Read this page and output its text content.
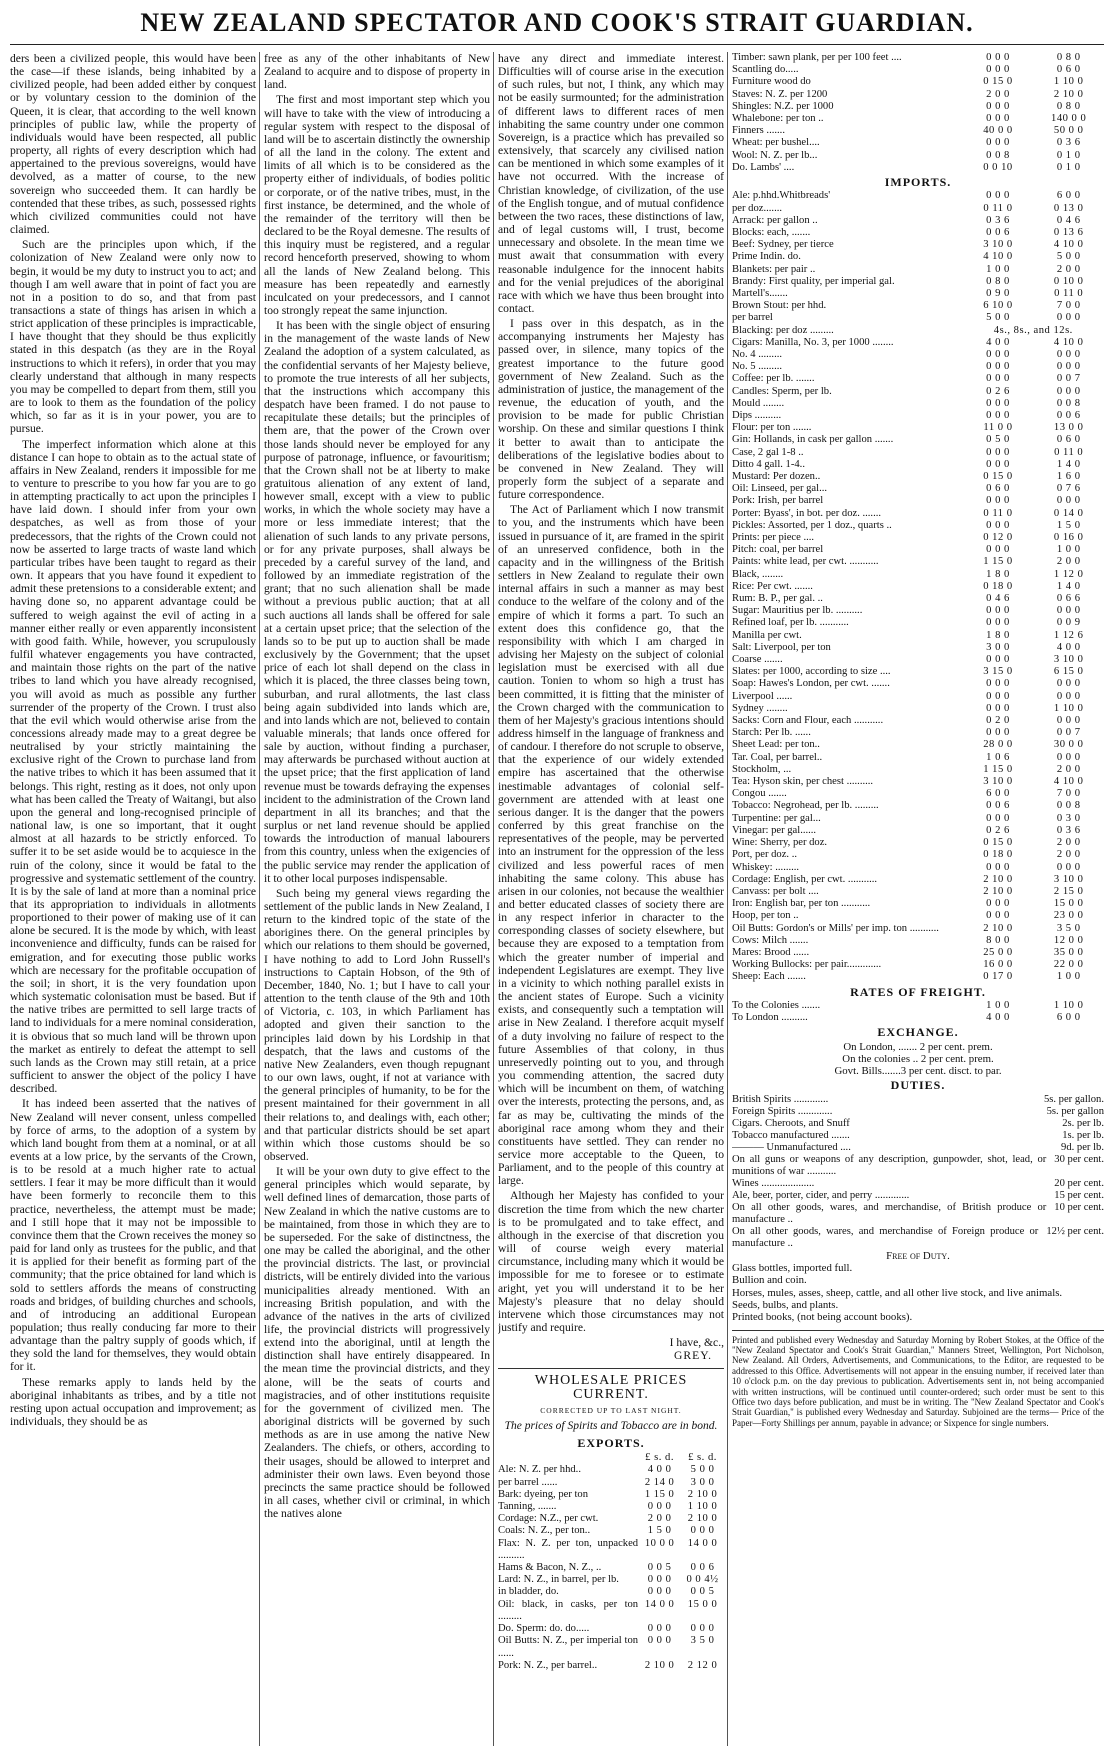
NEW ZEALAND SPECTATOR AND COOK'S STRAIT GUARDIAN.

ders been a civilized people, this would have been the case—if these islands, being inhabited by a civilized people, had been added either by conquest or by voluntary cession to the dominion of the Queen, it is clear, that according to the well known principles of public law, while the property of individuals would have been respected, all public property, all rights of every description which had appertained to the previous sovereigns, would have devolved, as a matter of course, to the new sovereign who succeeded them. It can hardly be contended that these tribes, as such, possessed rights which civilized communities could not have claimed.

Such are the principles upon which, if the colonization of New Zealand were only now to begin, it would be my duty to instruct you to act; and though I am well aware that in point of fact you are not in a position to do so, and that from past transactions a state of things has arisen in which a strict application of these principles is impracticable, I have thought that they should be thus explicitly stated in this despatch (as they are in the Royal instructions to which it refers), in order that you may clearly understand that although in many respects you may be compelled to depart from them, still you are to look to them as the foundation of the policy which, so far as it is in your power, you are to pursue.

The imperfect information which alone at this distance I can hope to obtain as to the actual state of affairs in New Zealand, renders it impossible for me to venture to prescribe to you how far you are to go in attempting practically to act upon the principles I have laid down. I should infer from your own despatches, as well as from those of your predecessors, that the rights of the Crown could not now be asserted to large tracts of waste land which particular tribes have been taught to regard as their own. It appears that you have found it expedient to admit these pretensions to a considerable extent; and having done so, no apparent advantage could be suffered to weigh against the evil of acting in a manner either really or even apparently inconsistent with good faith. While, however, you scrupulously fulfil whatever engagements you have contracted, and maintain those rights on the part of the native tribes to land which you have already recognised, you will avoid as much as possible any further surrender of the property of the Crown. I trust also that the evil which would otherwise arise from the concessions already made may to a great degree be neutralised by your strictly maintaining the exclusive right of the Crown to purchase land from the native tribes to which it has been assumed that it belongs. This right, resting as it does, not only upon what has been called the Treaty of Waitangi, but also upon the general and long-recognised principle of national law, is one so important, that it ought almost at all hazards to be strictly enforced. To suffer it to be set aside would be to acquiesce in the ruin of the colony, since it would be fatal to the progressive and systematic settlement of the country. It is by the sale of land at more than a nominal price that its appropriation to individuals in allotments proportioned to their power of making use of it can alone be secured. It is the mode by which, with least inconvenience and difficulty, funds can be raised for emigration, and for executing those public works which are necessary for the profitable occupation of the soil; in short, it is the very foundation upon which systematic colonisation must be based. But if the native tribes are permitted to sell large tracts of land to individuals for a mere nominal consideration, it is obvious that so much land will be thrown upon the market as entirely to defeat the attempt to sell such lands as the Crown may still retain, at a price sufficient to answer the object of the policy I have described.

It has indeed been asserted that the natives of New Zealand will never consent, unless compelled by force of arms, to the adoption of a system by which land bought from them at a nominal, or at all events at a low price, by the servants of the Crown, is to be resold at a much higher rate to actual settlers. I fear it may be more difficult than it would have been formerly to reconcile them to this practice, nevertheless, the attempt must be made; and I still hope that it may not be impossible to convince them that the Crown receives the money so paid for land only as trustees for the public, and that it is applied for their benefit as forming part of the community; that the price obtained for land which is sold to settlers affords the means of constructing roads and bridges, of building churches and schools, and of introducing an additional European population; thus really conducing far more to their advantage than the paltry supply of goods which, if they sold the land for themselves, they would obtain for it.

These remarks apply to lands held by the aboriginal inhabitants as tribes, and by a title not resting upon actual occupation and improvement; as individuals, they should be as

free as any of the other inhabitants of New Zealand to acquire and to dispose of property in land.

The first and most important step which you will have to take with the view of introducing a regular system with respect to the disposal of land will be to ascertain distinctly the ownership of all the land in the colony. The extent and limits of all which is to be considered as the property either of individuals, of bodies politic or corporate, or of the native tribes, must, in the first instance, be determined, and the whole of the remainder of the territory will then be declared to be the Royal demesne. The results of this inquiry must be registered, and a regular record henceforth preserved, showing to whom all the lands of New Zealand belong. This measure has been repeatedly and earnestly inculcated on your predecessors, and I cannot too strongly repeat the same injunction.

It has been with the single object of ensuring in the management of the waste lands of New Zealand the adoption of a system calculated, as the confidential servants of her Majesty believe, to promote the true interests of all her subjects, that the instructions which accompany this despatch have been framed. I do not pause to recapitulate these details; but the principles of them are, that the power of the Crown over those lands should never be employed for any purpose of patronage, influence, or favouritism; that the Crown shall not be at liberty to make gratuitous alienation of any extent of land, however small, except with a view to public works, in which the whole society may have a more or less immediate interest; that the alienation of such lands to any private persons, or for any private purposes, shall always be preceded by a careful survey of the land, and followed by an immediate registration of the grant; that no such alienation shall be made without a previous public auction; that at all such auctions all lands shall be offered for sale at a certain upset price; that the selection of the lands so to be put up to auction shall be made exclusively by the Government; that the upset price of each lot shall depend on the class in which it is placed, the three classes being town, suburban, and rural allotments, the last class being again subdivided into lands which are, and into lands which are not, believed to contain valuable minerals; that lands once offered for sale by auction, without finding a purchaser, may afterwards be purchased without auction at the upset price; that the first application of land revenue must be towards defraying the expenses incident to the administration of the Crown land department in all its branches; and that the surplus or net land revenue should be applied towards the introduction of manual labourers from this country, unless when the exigencies of the public service may render the application of it to other local purposes indispensable.

Such being my general views regarding the settlement of the public lands in New Zealand, I return to the kindred topic of the state of the aborigines there. On the general principles by which our relations to them should be governed, I have nothing to add to Lord John Russell's instructions to Captain Hobson, of the 9th of December, 1840, No. 1; but I have to call your attention to the tenth clause of the 9th and 10th of Victoria, c. 103, in which Parliament has adopted and given their sanction to the principles laid down by his Lordship in that despatch, that the laws and customs of the native New Zealanders, even though repugnant to our own laws, ought, if not at variance with the general principles of humanity, to be for the present maintained for their government in all their relations to, and dealings with, each other; and that particular districts should be set apart within which those customs should be so observed.

It will be your own duty to give effect to the general principles which would separate, by well defined lines of demarcation, those parts of New Zealand in which the native customs are to be maintained, from those in which they are to be superseded. For the sake of distinctness, the one may be called the aboriginal, and the other the provincial districts. The last, or provincial districts, will be entirely divided into the various municipalities already mentioned. With an increasing British population, and with the advance of the natives in the arts of civilized life, the provincial districts will progressively extend into the aboriginal, until at length the distinction shall have entirely disappeared. In the mean time the provincial districts, and they alone, will be the seats of courts and magistracies, and of other institutions requisite for the government of civilized men. The aboriginal districts will be governed by such methods as are in use among the native New Zealanders. The chiefs, or others, according to their usages, should be allowed to interpret and administer their own laws. Even beyond those precincts the same practice should be followed in all cases, whether civil or criminal, in which the natives alone

have any direct and immediate interest. Difficulties will of course arise in the execution of such rules, but not, I think, any which may not be easily surmounted; for the administration of different laws to different races of men inhabiting the same country under one common Sovereign, is a practice which has prevailed so extensively, that scarcely any civilised nation can be mentioned in which some examples of it have not occurred. With the increase of Christian knowledge, of civilization, of the use of the English tongue, and of mutual confidence between the two races, these distinctions of law, and of legal customs will, I trust, become unnecessary and obsolete. In the mean time we must await that consummation with every reasonable indulgence for the innocent habits and for the venial prejudices of the aboriginal race with which we have thus been brought into contact.

I pass over in this despatch, as in the accompanying instruments her Majesty has passed over, in silence, many topics of the greatest importance to the future good government of New Zealand. Such as the administration of justice, the management of the revenue, the education of youth, and the provision to be made for public Christian worship. On these and similar questions I think it better to await than to anticipate the deliberations of the legislative bodies about to be convened in New Zealand. They will properly form the subject of a separate and future correspondence.

The Act of Parliament which I now transmit to you, and the instruments which have been issued in pursuance of it, are framed in the spirit of an unreserved confidence, both in the capacity and in the willingness of the British settlers in New Zealand to regulate their own internal affairs in such a manner as may best conduce to the welfare of the colony and of the empire of which it forms a part. To such an extent does this confidence go, that the responsibility with which I am charged in advising her Majesty on the subject of colonial legislation must be exercised with all due caution. Tonien to whom so high a trust has been committed, it is fitting that the minister of the Crown charged with the communication to them of her Majesty's gracious intentions should address himself in the language of frankness and of candour. I therefore do not scruple to observe, that the experience of our widely extended empire has ascertained that the otherwise inestimable advantages of colonial self-government are attended with at least one serious danger. It is the danger that the powers conferred by this great franchise on the representatives of the people, may be perverted into an instrument for the oppression of the less civilized and less powerful races of men inhabiting the same colony. This abuse has arisen in our colonies, not because the wealthier and better educated classes of society there are in any respect inferior in character to the corresponding classes of society elsewhere, but because they are exposed to a temptation from which the greater number of imperial and independent Legislatures are exempt. They live in a vicinity to which nothing parallel exists in the ancient states of Europe. Such a vicinity exists, and consequently such a temptation will arise in New Zealand. I therefore acquit myself of a duty involving no failure of respect to the future Assemblies of that colony, in thus unreservedly pointing out to you, and through you commending attention, the sacred duty which will be incumbent on them, of watching over the interests, protecting the persons, and, as far as may be, cultivating the minds of the aboriginal race among whom they and their constituents have settled. They can render no service more acceptable to the Queen, to Parliament, and to the people of this country at large.

Although her Majesty has confided to your discretion the time from which the new charter is to be promulgated and to take effect, and although in the exercise of that discretion you will of course weigh every material circumstance, including many which it would be impossible for me to foresee or to estimate aright, yet you will understand it to be her Majesty's pleasure that no delay should intervene which those circumstances may not justify and require.

I have, &c.,
GREY.
WHOLESALE PRICES CURRENT.
CORRECTED UP TO LAST NIGHT.
The prices of Spirits and Tobacco are in bond.
EXPORTS.
	£ s. d.	£ s. d.
Ale: N. Z. per hhd..	4 0 0	5 0 0
per barrel ......	2 14 0	3 0 0
Bark: dyeing, per ton	1 15 0	2 10 0
Tanning, .......	0 0 0	1 10 0
Cordage: N.Z., per cwt.	2 0 0	2 10 0
Coals: N. Z., per ton..	1 5 0	0 0 0
Flax: N. Z. per ton, unpacked ..........	10 0 0	14 0 0
Hams & Bacon, N. Z., ..	0 0 5	0 0 6
Lard: N. Z., in barrel, per lb.	0 0 0	0 0 4½
in bladder, do.	0 0 0	0 0 5
Oil: black, in casks, per ton .........	14 0 0	15 0 0
Do. Sperm: do. do.....	0 0 0	0 0 0
Oil Butts: N. Z., per imperial ton ......	0 0 0	3 5 0
Pork: N. Z., per barrel..	2 10 0	2 12 0
Timber: sawn plank, per per 100 feet ....	0 0 0	0 8 0
Scantling do.....	0 0 0	0 6 0
Furniture wood do	0 15 0	1 10 0
Staves: N. Z. per 1200	2 0 0	2 10 0
Shingles: N.Z. per 1000	0 0 0	0 8 0
Whalebone: per ton ..	0 0 0	140 0 0
Finners .......	40 0 0	50 0 0
Wheat: per bushel....	0 0 0	0 3 6
Wool: N. Z. per lb...	0 0 8	0 1 0
Do. Lambs' ....	0 0 10	0 1 0
IMPORTS.
Ale: p.hhd.Whitbreads'	0 0 0	6 0 0
per doz.......	0 11 0	0 13 0
Arrack: per gallon ..	0 3 6	0 4 6
Blocks: each, .......	0 0 6	0 13 6
Beef: Sydney, per tierce	3 10 0	4 10 0
Prime Indin. do.	4 10 0	5 0 0
Blankets: per pair ..	1 0 0	2 0 0
Brandy: First quality, per imperial gal.	0 8 0	0 10 0
Martell's.......	0 9 0	0 11 0
Brown Stout: per hhd.	6 10 0	7 0 0
per barrel	5 0 0	0 0 0
Blacking: per doz .........	4s., 8s., and 12s.	
Cigars: Manilla, No. 3, per 1000 ........	4 0 0	4 10 0
No. 4 .........	0 0 0	0 0 0
No. 5 .........	0 0 0	0 0 0
Coffee: per lb. .......	0 0 0	0 0 7
Candles: Sperm, per lb.	0 2 6	0 0 0
Mould ........	0 0 0	0 0 8
Dips ..........	0 0 0	0 0 6
Flour: per ton .......	11 0 0	13 0 0
Gin: Hollands, in cask per gallon .......	0 5 0	0 6 0
Case, 2 gal 1-8 ..	0 0 0	0 11 0
Ditto 4 gall. 1-4..	0 0 0	1 4 0
Mustard: Per dozen..	0 15 0	1 6 0
Oil: Linseed, per gal...	0 6 0	0 7 6
Pork: Irish, per barrel	0 0 0	0 0 0
Porter: Byass', in bot. per doz. .......	0 11 0	0 14 0
Pickles: Assorted, per 1 doz., quarts ..	0 0 0	1 5 0
Prints: per piece ....	0 12 0	0 16 0
Pitch: coal, per barrel	0 0 0	1 0 0
Paints: white lead, per cwt. ...........	1 15 0	2 0 0
Black, ........	1 8 0	1 12 0
Rice: Per cwt. .......	0 18 0	1 4 0
Rum: B. P., per gal. ..	0 4 6	0 6 6
Sugar: Mauritius per lb. ..........	0 0 0	0 0 0
Refined loaf, per lb. ...........	0 0 0	0 0 9
Manilla per cwt.	1 8 0	1 12 6
Salt: Liverpool, per ton	3 0 0	4 0 0
Coarse .......	0 0 0	3 10 0
Slates: per 1000, according to size ....	3 15 0	6 15 0
Soap: Hawes's London, per cwt. .......	0 0 0	0 0 0
Liverpool ......	0 0 0	0 0 0
Sydney ........	0 0 0	1 10 0
Sacks: Corn and Flour, each ...........	0 2 0	0 0 0
Starch: Per lb. ......	0 0 0	0 0 7
Sheet Lead: per ton..	28 0 0	30 0 0
Tar. Coal, per barrel..	1 0 6	0 0 0
Stockholm, ...	1 15 0	2 0 0
Tea: Hyson skin, per chest ..........	3 10 0	4 10 0
Congou .......	6 0 0	7 0 0
Tobacco: Negrohead, per lb. .........	0 0 6	0 0 8
Turpentine: per gal...	0 0 0	0 3 0
Vinegar: per gal......	0 2 6	0 3 6
Wine: Sherry, per doz.	0 15 0	2 0 0
Port, per doz. ..	0 18 0	2 0 0
Whiskey: .........	0 0 0	0 0 0
Cordage: English, per cwt. ...........	2 10 0	3 10 0
Canvass: per bolt ....	2 10 0	2 15 0
Iron: English bar, per ton ...........	0 0 0	15 0 0
Hoop, per ton ..	0 0 0	23 0 0
Oil Butts: Gordon's or Mills' per imp. ton ...........	2 10 0	3 5 0
Cows: Milch .......	8 0 0	12 0 0
Mares: Brood ......	25 0 0	35 0 0
Working Bullocks: per pair.............	16 0 0	22 0 0
Sheep: Each .......	0 17 0	1 0 0
RATES OF FREIGHT.
To the Colonies .......	1 0 0	1 10 0
To London ..........	4 0 0	6 0 0
EXCHANGE.
On London, ....... 2 per cent. prem.
On the colonies .. 2 per cent. prem.
Govt. Bills.......3 per cent. disct. to par.
DUTIES.
British Spirits .............	5s. per gallon.
Foreign Spirits .............	5s. per gallon
Cigars. Cheroots, and Snuff	2s. per lb.
Tobacco manufactured .......	1s. per lb.
——— Unmanufactured ....	9d. per lb.
On all guns or weapons of any description, gunpowder, shot, lead, or munitions of war ...........
30 per cent.
Wines ....................	20 per cent.
Ale, beer, porter, cider, and perry .............	15 per cent.
On all other goods, wares, and merchandise, of British produce or manufacture ..
10 per cent.
On all other goods, wares, and merchandise of Foreign produce or manufacture ..
12½ per cent.
Free of Duty.
Glass bottles, imported full.
Bullion and coin.
Horses, mules, asses, sheep, cattle, and all other live stock, and live animals.
Seeds, bulbs, and plants.
Printed books, (not being account books).
Printed and published every Wednesday and Saturday Morning by Robert Stokes, at the Office of the "New Zealand Spectator and Cook's Strait Guardian," Manners Street, Wellington, Port Nicholson, New Zealand. All Orders, Advertisements, and Communications, to the Editor, are requested to be addressed to this Office. Advertisements will not appear in the ensuing number, if received later than 10 o'clock p.m. on the day previous to publication. Advertisements sent in, not being accompanied with written instructions, will be continued until counter-ordered; such order must be sent to this Office two days before publication, and must be in writing. The "New Zealand Spectator and Cook's Strait Guardian," is published every Wednesday and Saturday. Subjoined are the terms— Price of the Paper—Forty Shillings per annum, payable in advance; or Sixpence for single numbers.
